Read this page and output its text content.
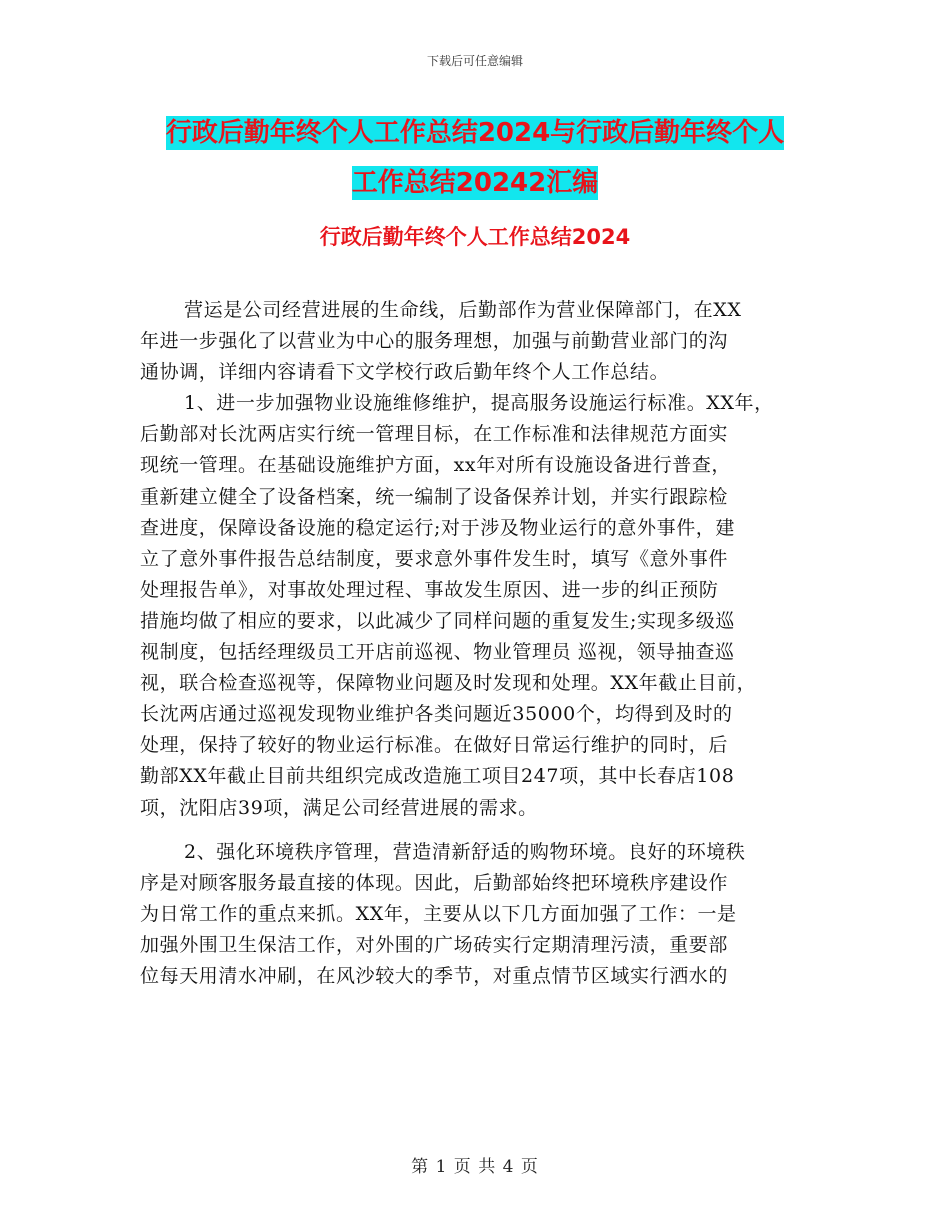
下载后可任意编辑
行政后勤年终个人工作总结2024与行政后勤年终个人
工作总结20242汇编
行政后勤年终个人工作总结2024
营运是公司经营进展的生命线，后勤部作为营业保障部门，在XX
年进一步强化了以营业为中心的服务理想，加强与前勤营业部门的沟
通协调，详细内容请看下文学校行政后勤年终个人工作总结。
1、进一步加强物业设施维修维护，提高服务设施运行标准。XX年，
后勤部对长沈两店实行统一管理目标，在工作标准和法律规范方面实
现统一管理。在基础设施维护方面，xx年对所有设施设备进行普查，
重新建立健全了设备档案，统一编制了设备保养计划，并实行跟踪检
查进度，保障设备设施的稳定运行;对于涉及物业运行的意外事件，建
立了意外事件报告总结制度，要求意外事件发生时，填写《意外事件
处理报告单》，对事故处理过程、事故发生原因、进一步的纠正预防
措施均做了相应的要求，以此减少了同样问题的重复发生;实现多级巡
视制度，包括经理级员工开店前巡视、物业管理员 巡视，领导抽查巡
视，联合检查巡视等，保障物业问题及时发现和处理。XX年截止目前，
长沈两店通过巡视发现物业维护各类问题近35000个，均得到及时的
处理，保持了较好的物业运行标准。在做好日常运行维护的同时，后
勤部XX年截止目前共组织完成改造施工项目247项，其中长春店108
项，沈阳店39项，满足公司经营进展的需求。
2、强化环境秩序管理，营造清新舒适的购物环境。良好的环境秩
序是对顾客服务最直接的体现。因此，后勤部始终把环境秩序建设作
为日常工作的重点来抓。XX年，主要从以下几方面加强了工作：一是
加强外围卫生保洁工作，对外围的广场砖实行定期清理污渍，重要部
位每天用清水冲刷，在风沙较大的季节，对重点情节区域实行洒水的
第 1 页 共 4 页
